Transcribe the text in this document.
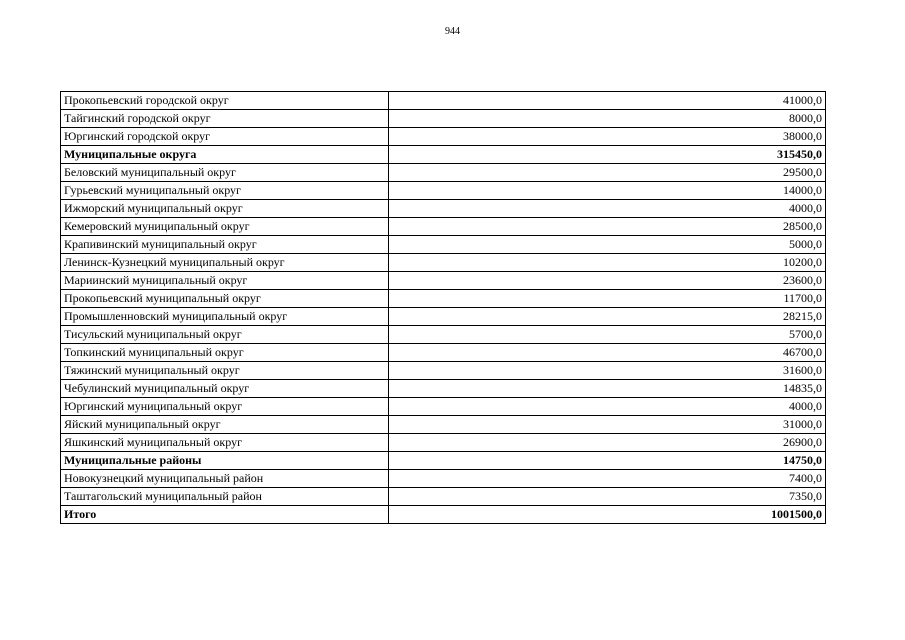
944
Прокопьевский городской округ	41000,0
Тайгинский городской округ	8000,0
Юргинский городской округ	38000,0
Муниципальные округа	315450,0
Беловский муниципальный округ	29500,0
Гурьевский муниципальный округ	14000,0
Ижморский муниципальный округ	4000,0
Кемеровский муниципальный округ	28500,0
Крапивинский муниципальный округ	5000,0
Ленинск-Кузнецкий муниципальный округ	10200,0
Мариинский муниципальный округ	23600,0
Прокопьевский муниципальный округ	11700,0
Промышленновский муниципальный округ	28215,0
Тисульский муниципальный округ	5700,0
Топкинский муниципальный округ	46700,0
Тяжинский муниципальный округ	31600,0
Чебулинский муниципальный округ	14835,0
Юргинский муниципальный округ	4000,0
Яйский муниципальный округ	31000,0
Яшкинский муниципальный округ	26900,0
Муниципальные районы	14750,0
Новокузнецкий муниципальный район	7400,0
Таштагольский муниципальный район	7350,0
Итого	1001500,0
